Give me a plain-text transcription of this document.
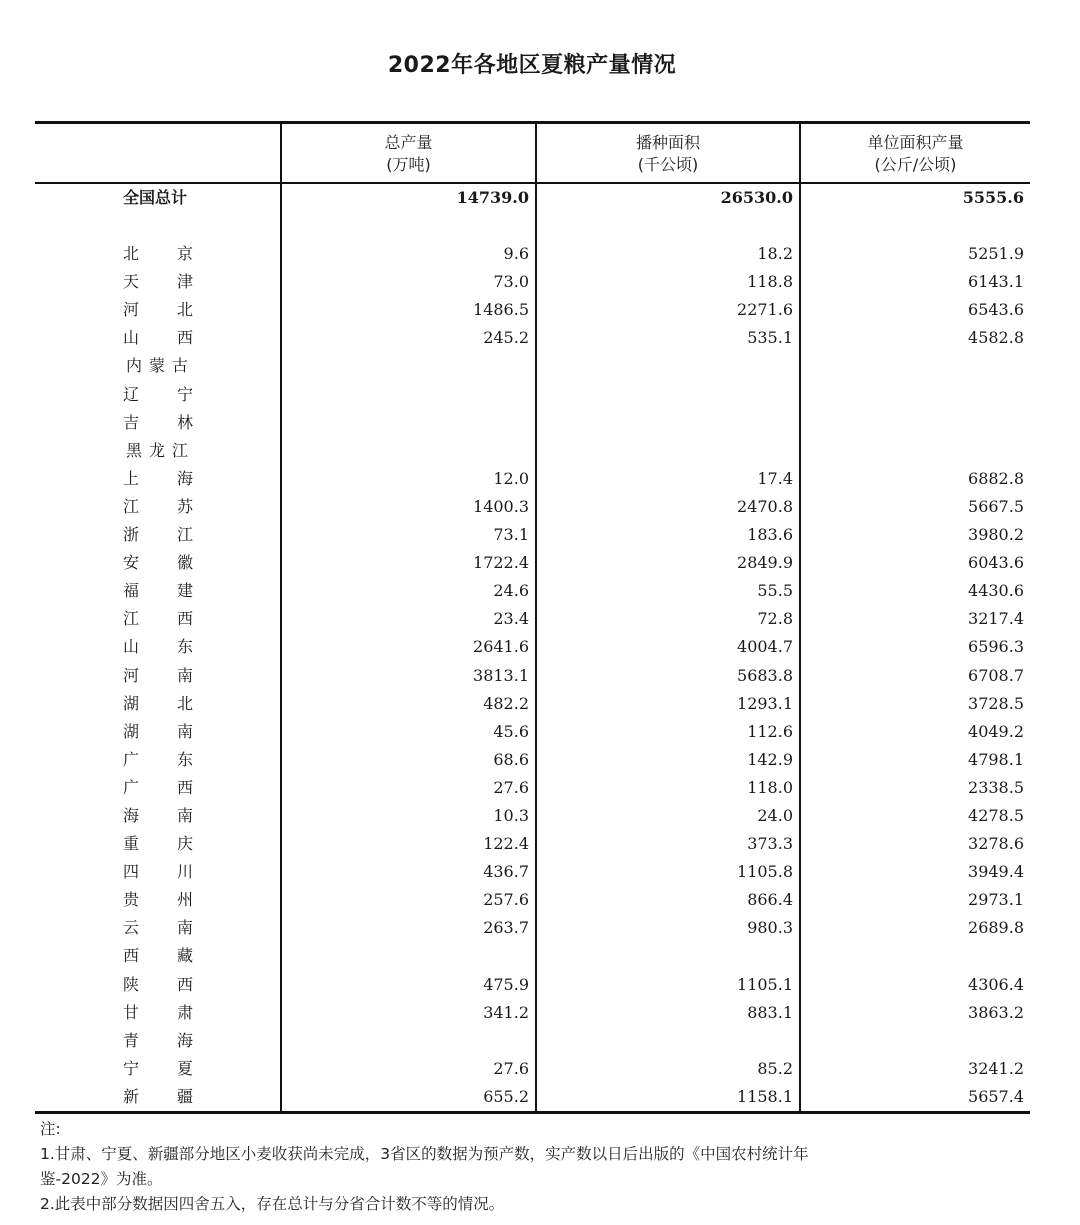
2022年各地区夏粮产量情况
总产量
(万吨)
播种面积
(千公顷)
单位面积产量
(公斤/公顷)
全国总计
北 京
天 津
河 北
山 西
内 蒙 古
辽 宁
吉 林
黑 龙 江
上 海
江 苏
浙 江
安 徽
福 建
江 西
山 东
河 南
湖 北
湖 南
广 东
广 西
海 南
重 庆
四 川
贵 州
云 南
西 藏
陕 西
甘 肃
青 海
宁 夏
新 疆
14739.0
9.6
73.0
1486.5
245.2
12.0
1400.3
73.1
1722.4
24.6
23.4
2641.6
3813.1
482.2
45.6
68.6
27.6
10.3
122.4
436.7
257.6
263.7
475.9
341.2
27.6
655.2
26530.0
18.2
118.8
2271.6
535.1
17.4
2470.8
183.6
2849.9
55.5
72.8
4004.7
5683.8
1293.1
112.6
142.9
118.0
24.0
373.3
1105.8
866.4
980.3
1105.1
883.1
85.2
1158.1
5555.6
5251.9
6143.1
6543.6
4582.8
6882.8
5667.5
3980.2
6043.6
4430.6
3217.4
6596.3
6708.7
3728.5
4049.2
4798.1
2338.5
4278.5
3278.6
3949.4
2973.1
2689.8
4306.4
3863.2
3241.2
5657.4
注:
1.甘肃、宁夏、新疆部分地区小麦收获尚未完成，3省区的数据为预产数，实产数以日后出版的《中国农村统计年
鉴-2022》为准。
2.此表中部分数据因四舍五入，存在总计与分省合计数不等的情况。
